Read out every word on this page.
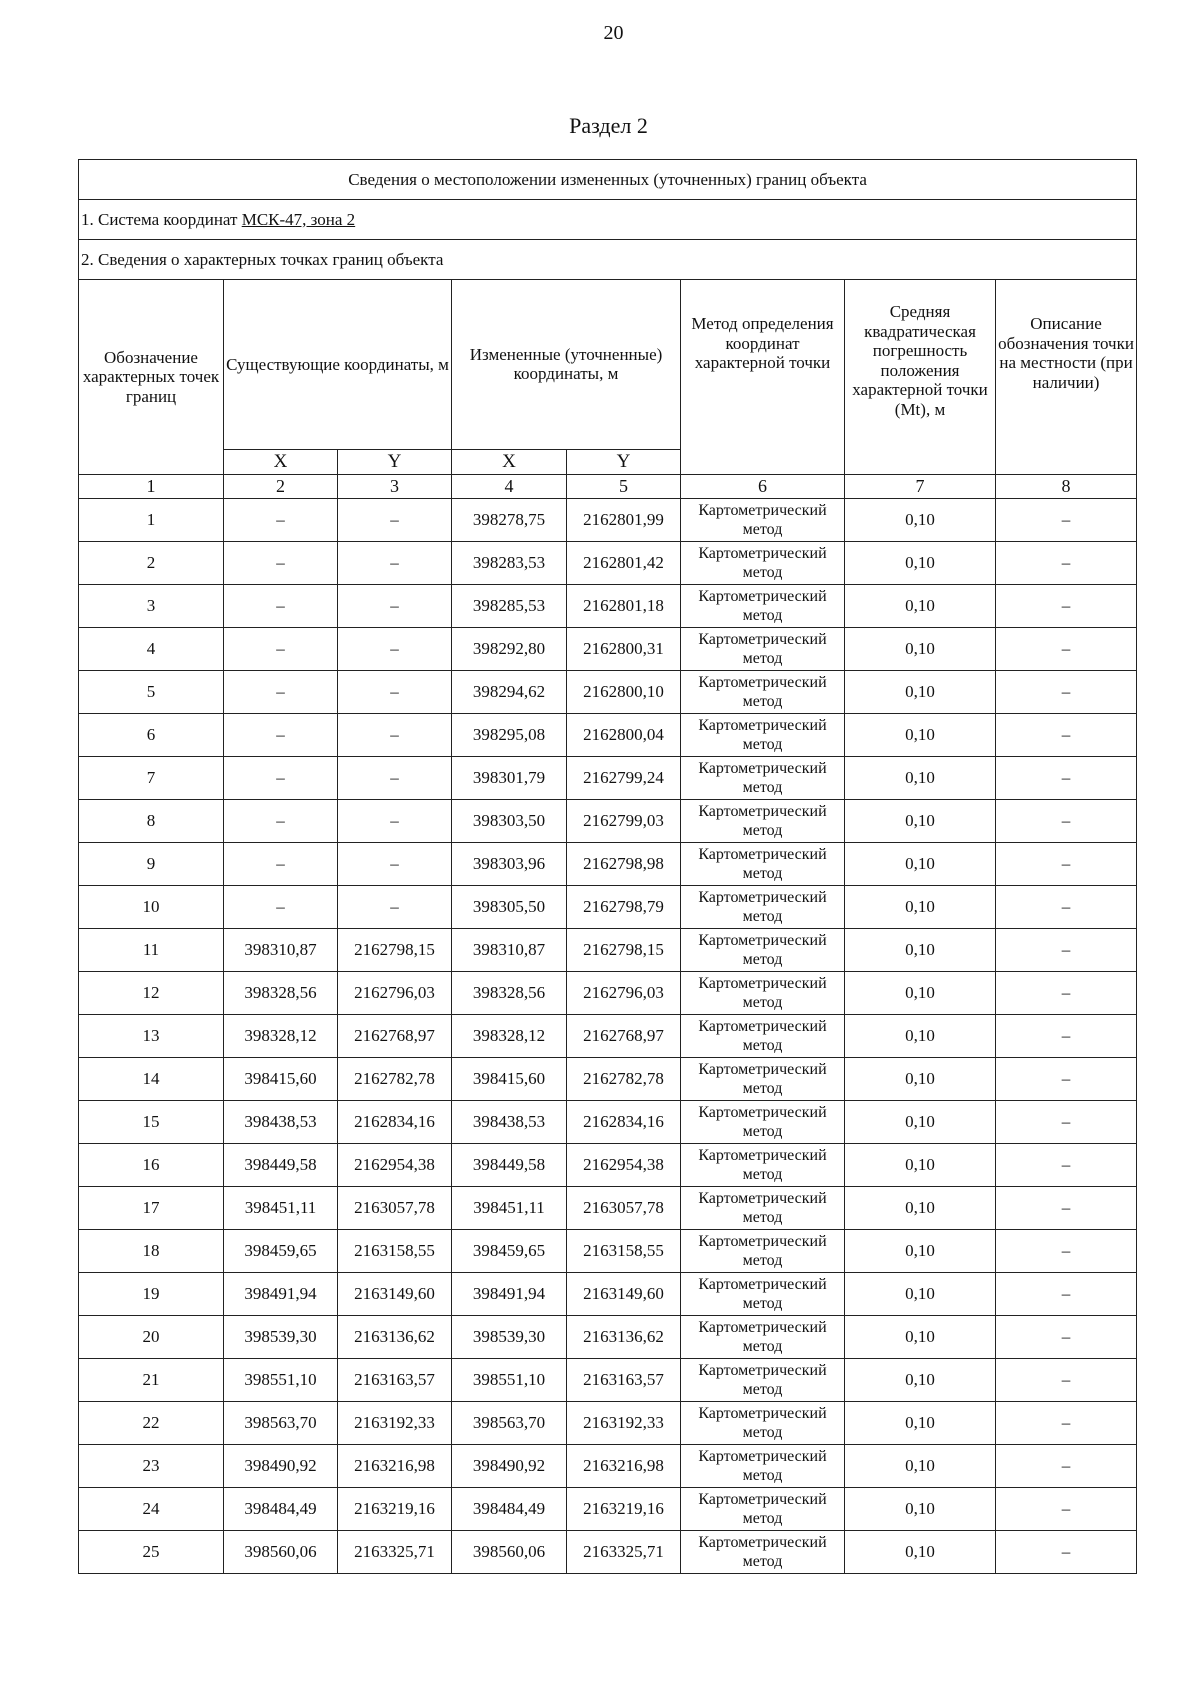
20
Раздел 2
Сведения о местоположении измененных (уточненных) границ объекта							
1. Система координат МСК-47, зона 2							
2. Сведения о характерных точках границ объекта							
Обозначение характерных точек границ	Существующие координаты, м		Измененные (уточненные) координаты, м		Метод определения координат характерной точки	Средняя квадратическая погрешность положения характерной точки (Mt), м	Описание обозначения точки на местности (при наличии)
	X	Y	X	Y			
1	2	3	4	5	6	7	8
1	–	–	398278,75	2162801,99	Картометрический метод	0,10	–
2	–	–	398283,53	2162801,42	Картометрический метод	0,10	–
3	–	–	398285,53	2162801,18	Картометрический метод	0,10	–
4	–	–	398292,80	2162800,31	Картометрический метод	0,10	–
5	–	–	398294,62	2162800,10	Картометрический метод	0,10	–
6	–	–	398295,08	2162800,04	Картометрический метод	0,10	–
7	–	–	398301,79	2162799,24	Картометрический метод	0,10	–
8	–	–	398303,50	2162799,03	Картометрический метод	0,10	–
9	–	–	398303,96	2162798,98	Картометрический метод	0,10	–
10	–	–	398305,50	2162798,79	Картометрический метод	0,10	–
11	398310,87	2162798,15	398310,87	2162798,15	Картометрический метод	0,10	–
12	398328,56	2162796,03	398328,56	2162796,03	Картометрический метод	0,10	–
13	398328,12	2162768,97	398328,12	2162768,97	Картометрический метод	0,10	–
14	398415,60	2162782,78	398415,60	2162782,78	Картометрический метод	0,10	–
15	398438,53	2162834,16	398438,53	2162834,16	Картометрический метод	0,10	–
16	398449,58	2162954,38	398449,58	2162954,38	Картометрический метод	0,10	–
17	398451,11	2163057,78	398451,11	2163057,78	Картометрический метод	0,10	–
18	398459,65	2163158,55	398459,65	2163158,55	Картометрический метод	0,10	–
19	398491,94	2163149,60	398491,94	2163149,60	Картометрический метод	0,10	–
20	398539,30	2163136,62	398539,30	2163136,62	Картометрический метод	0,10	–
21	398551,10	2163163,57	398551,10	2163163,57	Картометрический метод	0,10	–
22	398563,70	2163192,33	398563,70	2163192,33	Картометрический метод	0,10	–
23	398490,92	2163216,98	398490,92	2163216,98	Картометрический метод	0,10	–
24	398484,49	2163219,16	398484,49	2163219,16	Картометрический метод	0,10	–
25	398560,06	2163325,71	398560,06	2163325,71	Картометрический метод	0,10	–
